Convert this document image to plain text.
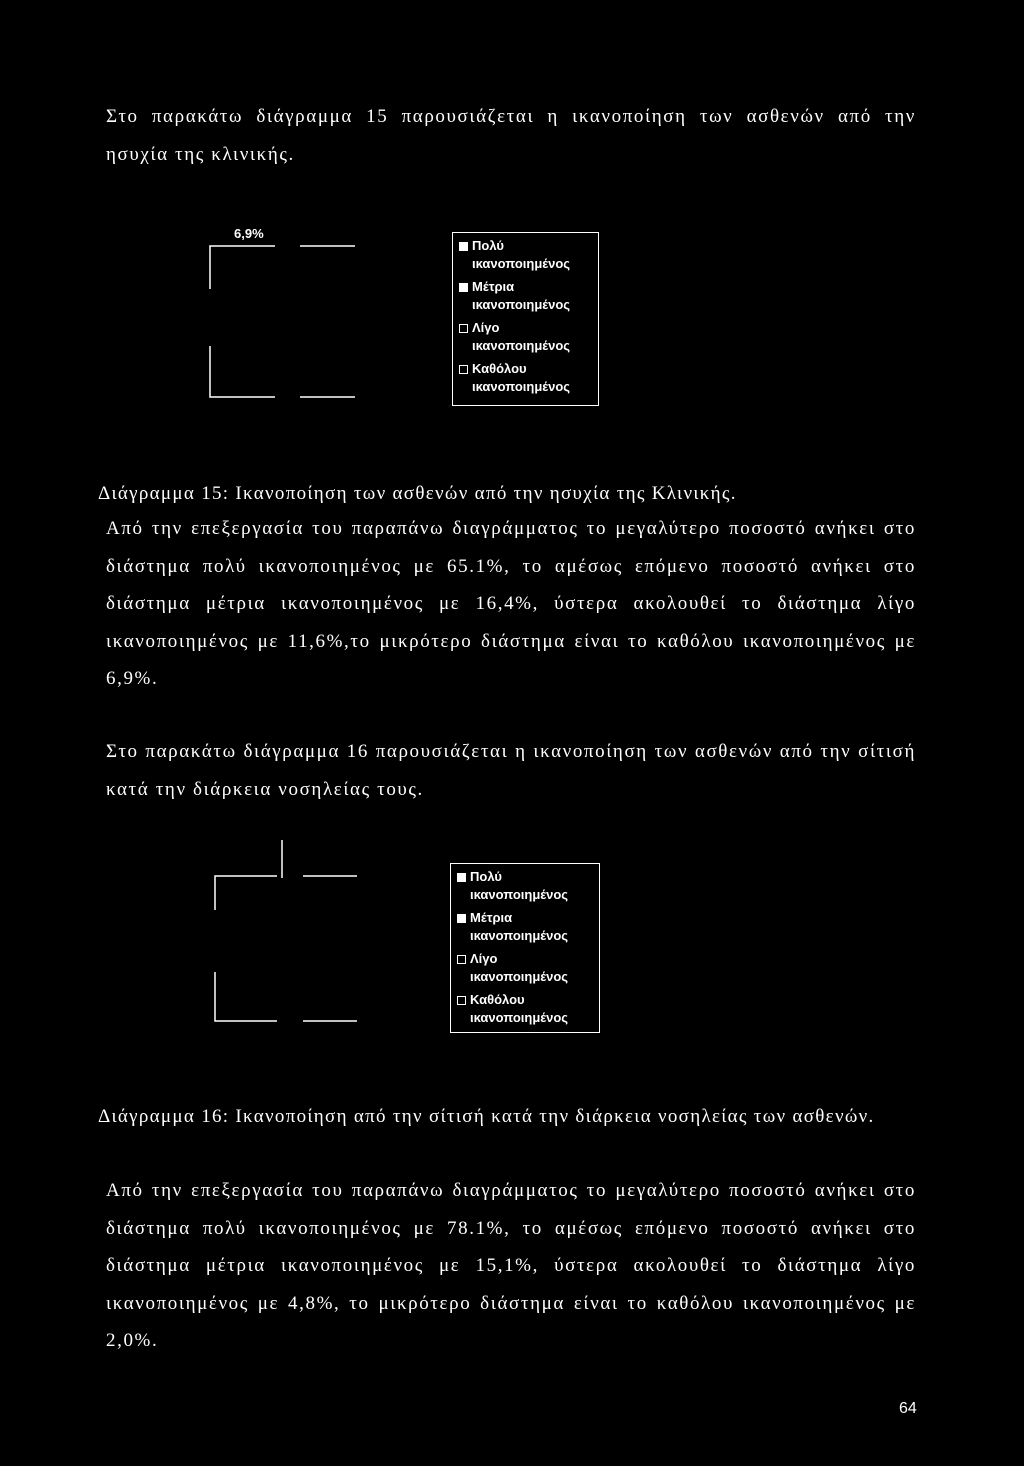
Στο παρακάτω διάγραμμα 15 παρουσιάζεται η ικανοποίηση των ασθενών από την ησυχία της κλινικής.

6,9%
Πολύ
ικανοποιημένος
Μέτρια
ικανοποιημένος
Λίγο
ικανοποιημένος
Καθόλου
ικανοποιημένος

Διάγραμμα 15: Ικανοποίηση των ασθενών από την ησυχία της Κλινικής.

Από την επεξεργασία του παραπάνω διαγράμματος το μεγαλύτερο ποσοστό ανήκει στο διάστημα πολύ ικανοποιημένος με 65.1%, το αμέσως επόμενο ποσοστό ανήκει στο διάστημα μέτρια ικανοποιημένος με 16,4%, ύστερα ακολουθεί το διάστημα λίγο ικανοποιημένος με 11,6%,το μικρότερο διάστημα είναι το καθόλου ικανοποιημένος με 6,9%.

Στο παρακάτω διάγραμμα 16 παρουσιάζεται η ικανοποίηση των ασθενών από την σίτισή κατά την διάρκεια νοσηλείας τους.

Πολύ
ικανοποιημένος
Μέτρια
ικανοποιημένος
Λίγο
ικανοποιημένος
Καθόλου
ικανοποιημένος

Διάγραμμα 16: Ικανοποίηση από την σίτισή κατά την διάρκεια νοσηλείας των ασθενών.

Από την επεξεργασία του παραπάνω διαγράμματος το μεγαλύτερο ποσοστό ανήκει στο διάστημα πολύ ικανοποιημένος με 78.1%, το αμέσως επόμενο ποσοστό ανήκει στο διάστημα μέτρια ικανοποιημένος με 15,1%, ύστερα ακολουθεί το διάστημα λίγο ικανοποιημένος με 4,8%, το μικρότερο διάστημα είναι το καθόλου ικανοποιημένος με 2,0%.

64
